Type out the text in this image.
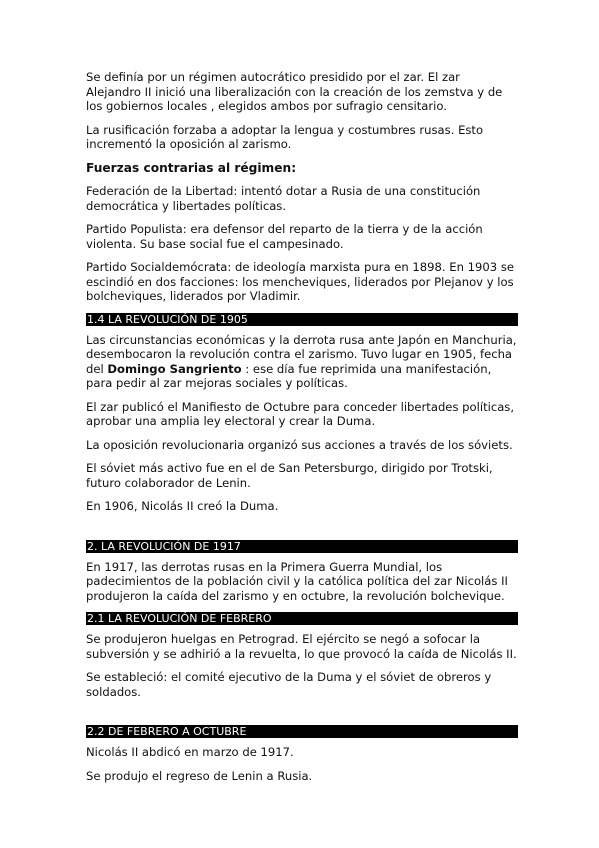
Se definía por un régimen autocrático presidido por el zar. El zar Alejandro II inició una liberalización con la creación de los zemstva y de los gobiernos locales , elegidos ambos por sufragio censitario.

La rusificación forzaba a adoptar la lengua y costumbres rusas. Esto incrementó la oposición al zarismo.

Fuerzas contrarias al régimen:

Federación de la Libertad: intentó dotar a Rusia de una constitución democrática y libertades políticas.

Partido Populista: era defensor del reparto de la tierra y de la acción violenta. Su base social fue el campesinado.

Partido Socialdemócrata: de ideología marxista pura en 1898. En 1903 se escindió en dos facciones: los mencheviques, liderados por Plejanov y los bolcheviques, liderados por Vladimir.

1.4 LA REVOLUCIÓN DE 1905

Las circunstancias económicas y la derrota rusa ante Japón en Manchuria, desembocaron la revolución contra el zarismo. Tuvo lugar en 1905, fecha del Domingo Sangriento : ese día fue reprimida una manifestación, para pedir al zar mejoras sociales y políticas.

El zar publicó el Manifiesto de Octubre para conceder libertades políticas, aprobar una amplia ley electoral y crear la Duma.

La oposición revolucionaria organizó sus acciones a través de los sóviets.

El sóviet más activo fue en el de San Petersburgo, dirigido por Trotski, futuro colaborador de Lenin.

En 1906, Nicolás II creó la Duma.

2. LA REVOLUCIÓN DE 1917

En 1917, las derrotas rusas en la Primera Guerra Mundial, los padecimientos de la población civil y la católica política del zar Nicolás II produjeron la caída del zarismo y en octubre, la revolución bolchevique.

2.1 LA REVOLUCIÓN DE FEBRERO

Se produjeron huelgas en Petrograd. El ejército se negó a sofocar la subversión y se adhirió a la revuelta, lo que provocó la caída de Nicolás II.

Se estableció: el comité ejecutivo de la Duma y el sóviet de obreros y soldados.

2.2 DE FEBRERO A OCTUBRE

Nicolás II abdicó en marzo de 1917.

Se produjo el regreso de Lenin a Rusia.
